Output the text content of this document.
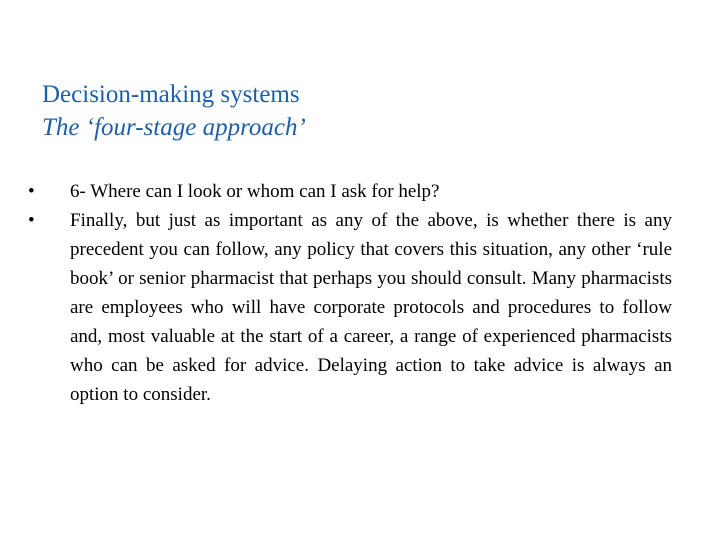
Decision-making systems
The ‘four-stage approach’
• 6- Where can I look or whom can I ask for help?
• Finally, but just as important as any of the above, is whether there is any precedent you can follow, any policy that covers this situation, any other ‘rule book’ or senior pharmacist that perhaps you should consult. Many pharmacists are employees who will have corporate protocols and procedures to follow and, most valuable at the start of a career, a range of experienced pharmacists who can be asked for advice. Delaying action to take advice is always an option to consider.
